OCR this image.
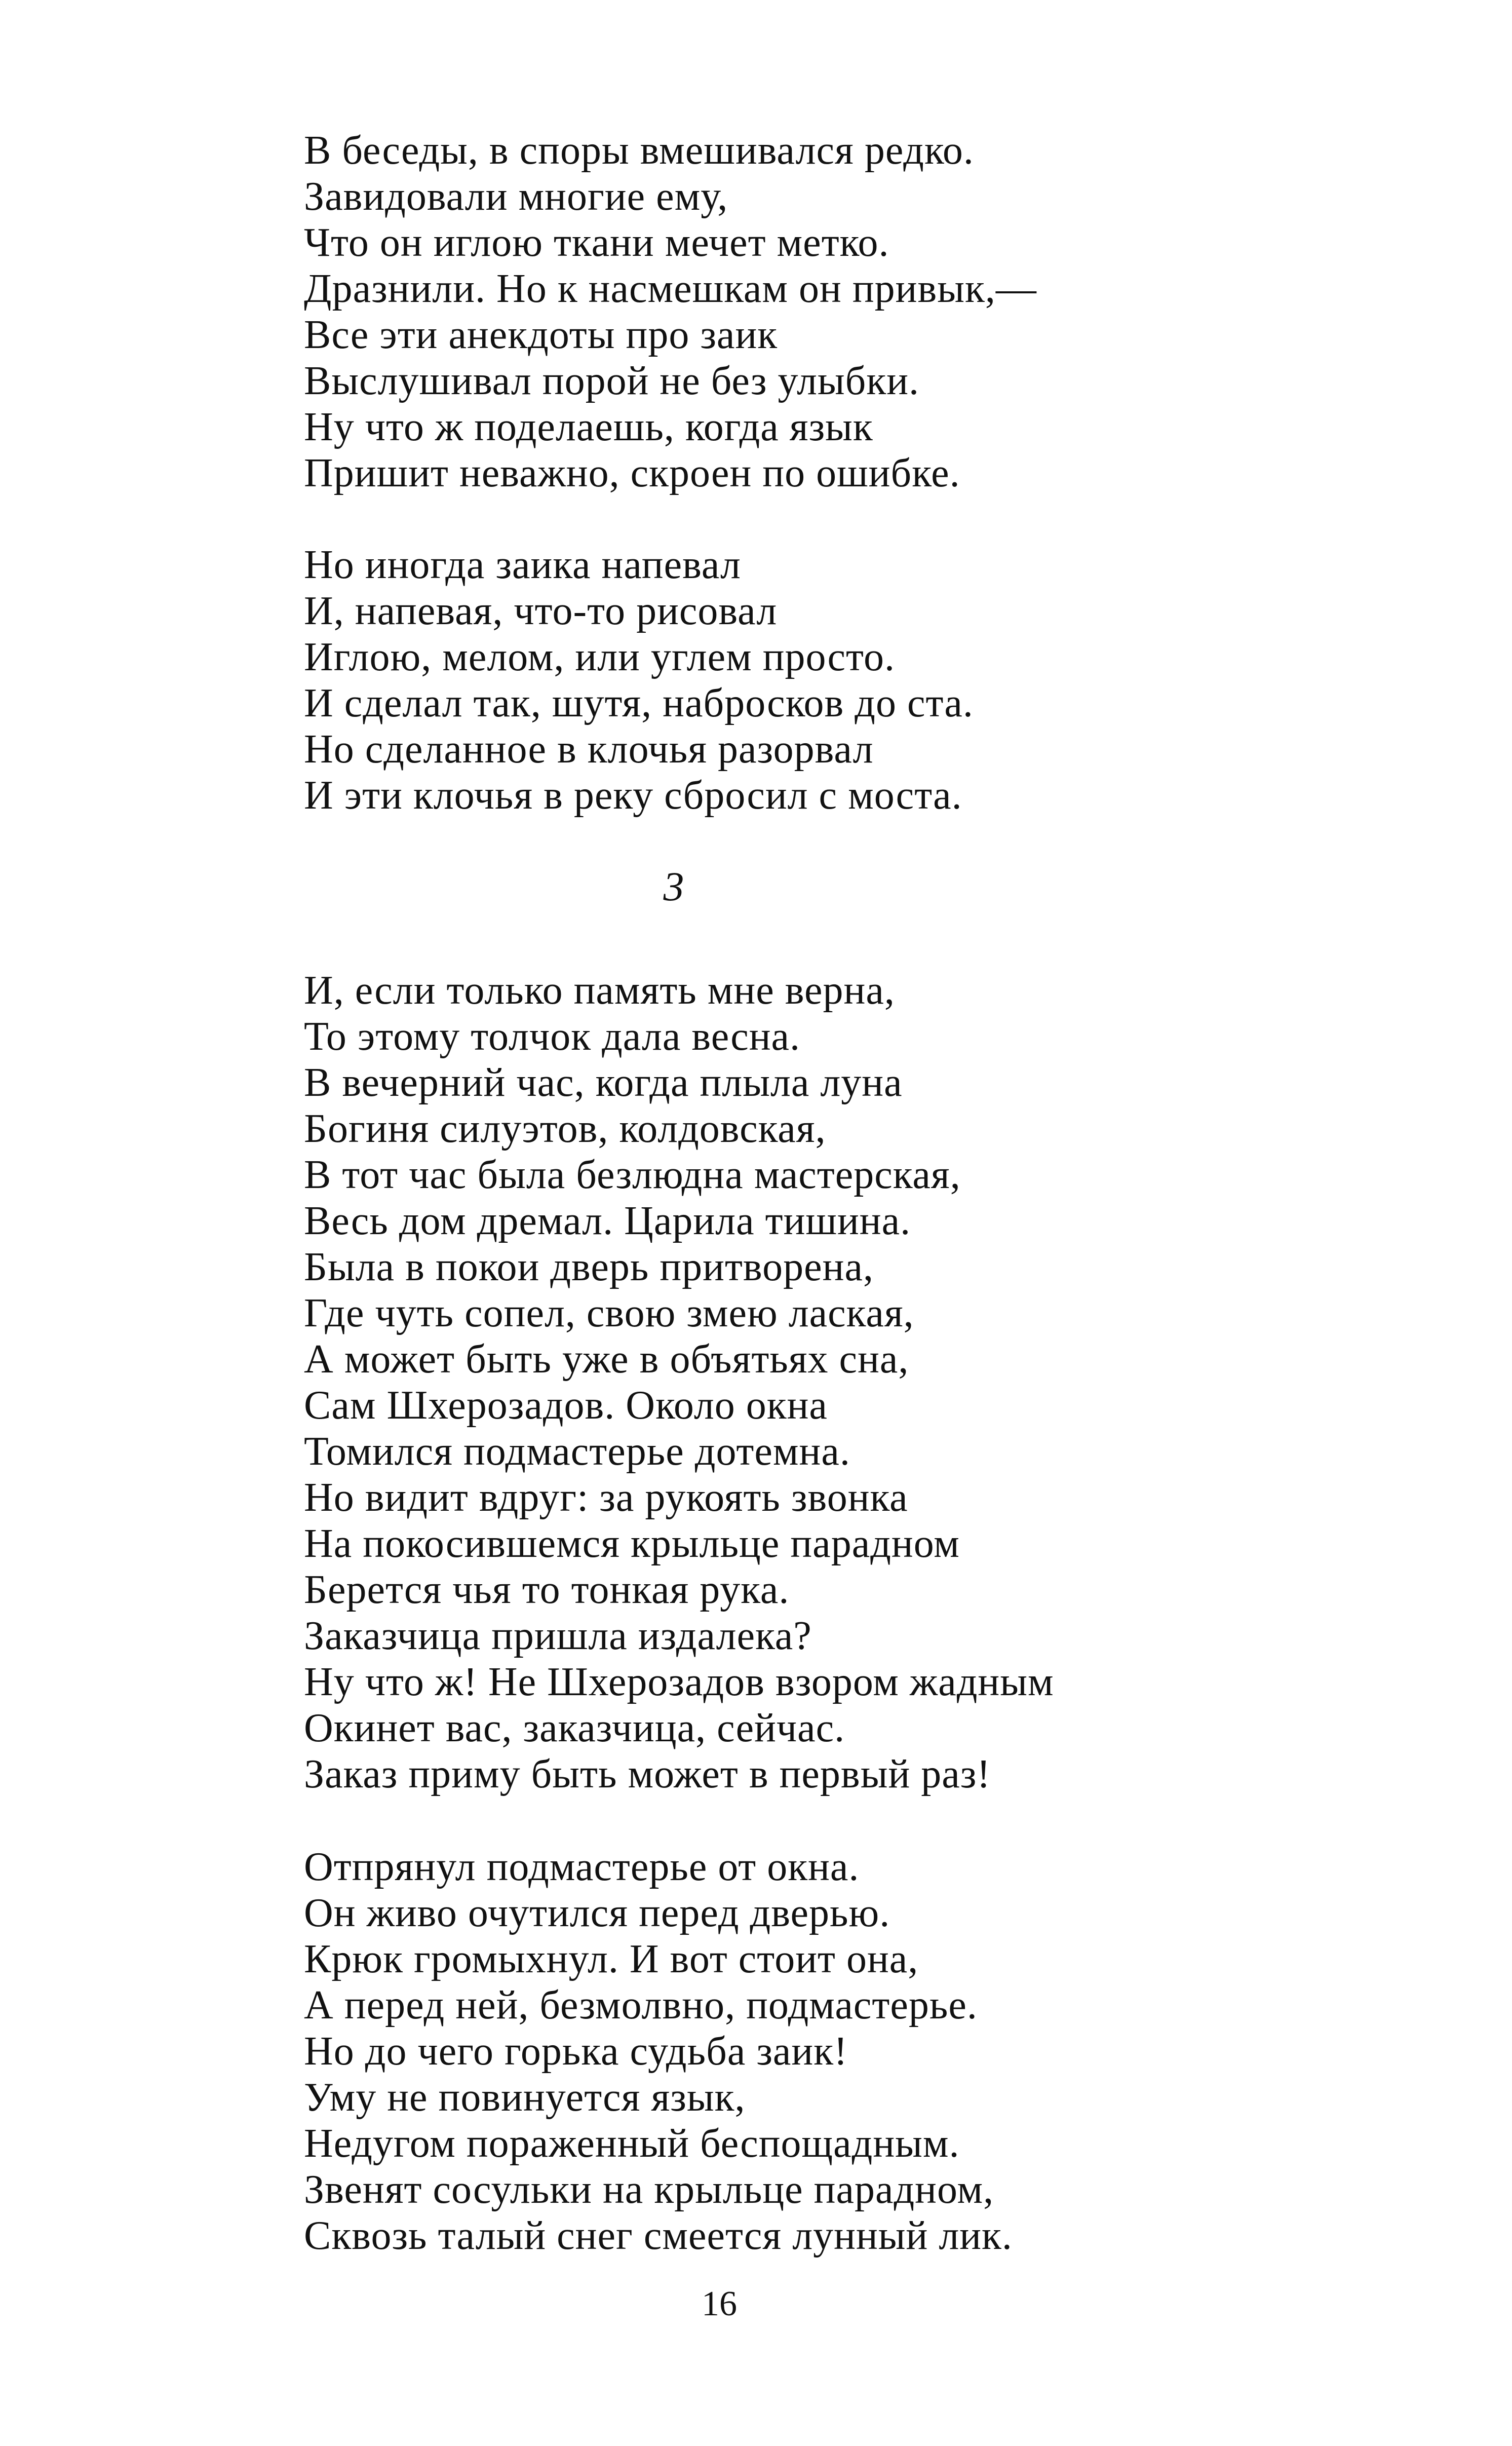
В беседы, в споры вмешивался редко.
Завидовали многие ему,
Что он иглою ткани мечет метко.
Дразнили. Но к насмешкам он привык,—
Все эти анекдоты про заик
Выслушивал порой не без улыбки.
Ну что ж поделаешь, когда язык
Пришит неважно, скроен по ошибке.
Но иногда заика напевал
И, напевая, что-то рисовал
Иглою, мелом, или углем просто.
И сделал так, шутя, набросков до ста.
Но сделанное в клочья разорвал
И эти клочья в реку сбросил с моста.
3
И, если только память мне верна,
То этому толчок дала весна.
В вечерний час, когда плыла луна
Богиня силуэтов, колдовская,
В тот час была безлюдна мастерская,
Весь дом дремал. Царила тишина.
Была в покои дверь притворена,
Где чуть сопел, свою змею лаская,
А может быть уже в объятьях сна,
Сам Шхерозадов. Около окна
Томился подмастерье дотемна.
Но видит вдруг: за рукоять звонка
На покосившемся крыльце парадном
Берется чья то тонкая рука.
Заказчица пришла издалека?
Ну что ж! Не Шхерозадов взором жадным
Окинет вас, заказчица, сейчас.
Заказ приму быть может в первый раз!
Отпрянул подмастерье от окна.
Он живо очутился перед дверью.
Крюк громыхнул. И вот стоит она,
А перед ней, безмолвно, подмастерье.
Но до чего горька судьба заик!
Уму не повинуется язык,
Недугом пораженный беспощадным.
Звенят сосульки на крыльце парадном,
Сквозь талый снег смеется лунный лик.
16
